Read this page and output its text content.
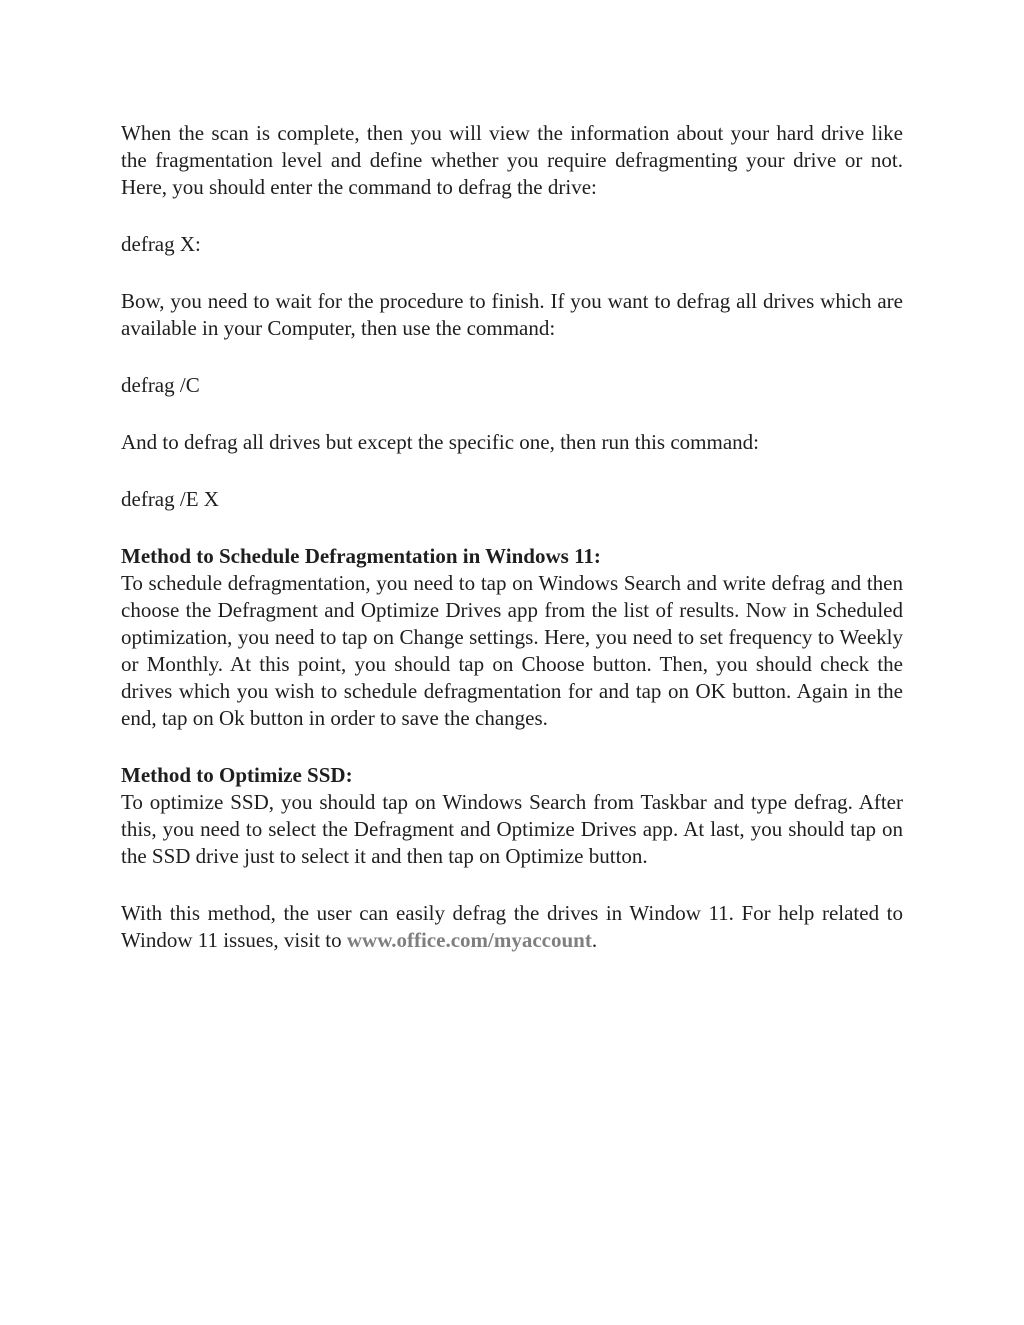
When the scan is complete, then you will view the information about your hard drive like the fragmentation level and define whether you require defragmenting your drive or not. Here, you should enter the command to defrag the drive:

defrag X:

Bow, you need to wait for the procedure to finish. If you want to defrag all drives which are available in your Computer, then use the command:

defrag /C

And to defrag all drives but except the specific one, then run this command:

defrag /E X

Method to Schedule Defragmentation in Windows 11:

To schedule defragmentation, you need to tap on Windows Search and write defrag and then choose the Defragment and Optimize Drives app from the list of results. Now in Scheduled optimization, you need to tap on Change settings. Here, you need to set frequency to Weekly or Monthly. At this point, you should tap on Choose button. Then, you should check the drives which you wish to schedule defragmentation for and tap on OK button. Again in the end, tap on Ok button in order to save the changes.

Method to Optimize SSD:

To optimize SSD, you should tap on Windows Search from Taskbar and type defrag. After this, you need to select the Defragment and Optimize Drives app. At last, you should tap on the SSD drive just to select it and then tap on Optimize button.

With this method, the user can easily defrag the drives in Window 11. For help related to Window 11 issues, visit to www.office.com/myaccount.
